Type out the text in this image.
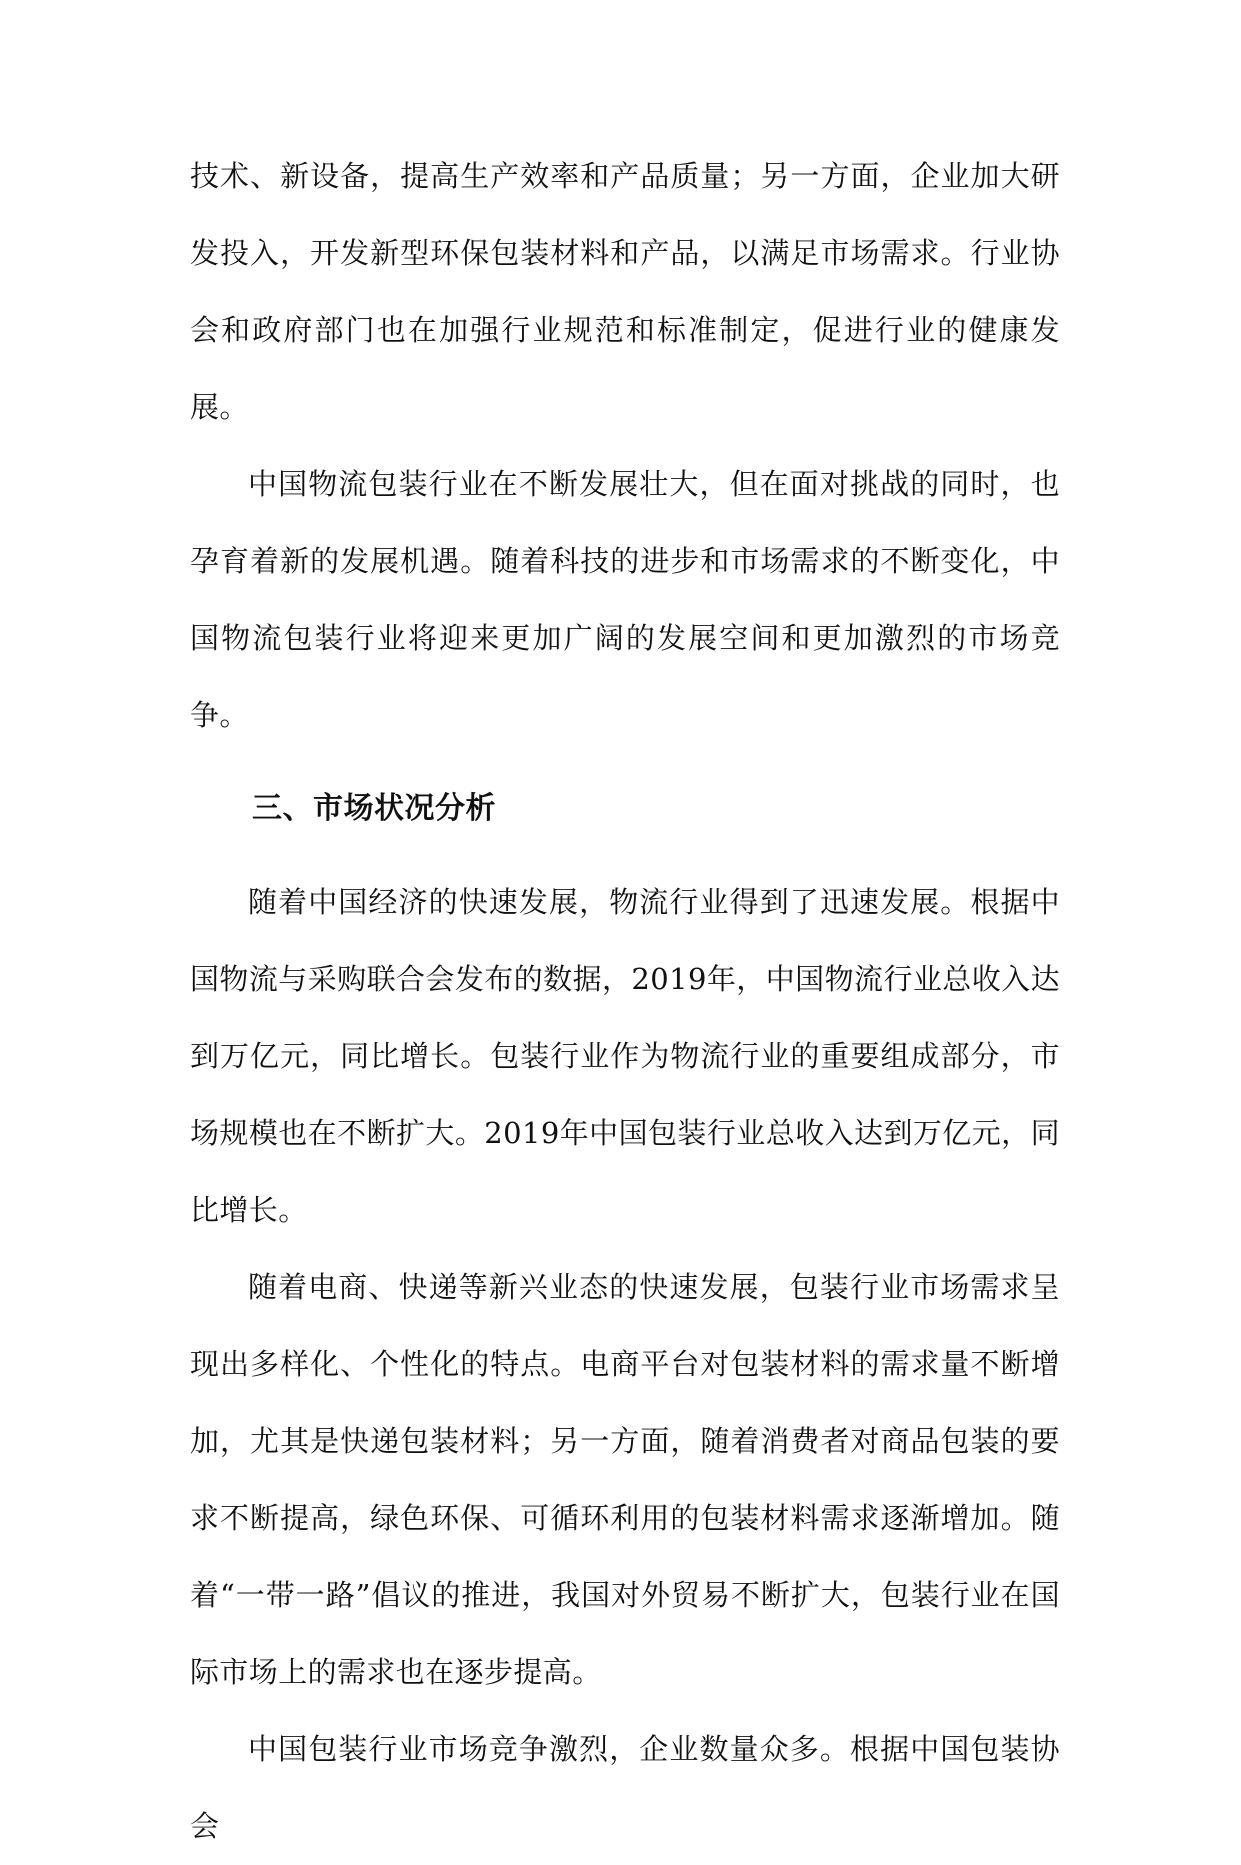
技术、新设备，提高生产效率和产品质量；另一方面，企业加大研发投入，开发新型环保包装材料和产品，以满足市场需求。行业协会和政府部门也在加强行业规范和标准制定，促进行业的健康发展。

中国物流包装行业在不断发展壮大，但在面对挑战的同时，也孕育着新的发展机遇。随着科技的进步和市场需求的不断变化，中国物流包装行业将迎来更加广阔的发展空间和更加激烈的市场竞争。

三、市场状况分析

随着中国经济的快速发展，物流行业得到了迅速发展。根据中国物流与采购联合会发布的数据，2019年，中国物流行业总收入达到万亿元，同比增长。包装行业作为物流行业的重要组成部分，市场规模也在不断扩大。2019年中国包装行业总收入达到万亿元，同比增长。

随着电商、快递等新兴业态的快速发展，包装行业市场需求呈现出多样化、个性化的特点。电商平台对包装材料的需求量不断增加，尤其是快递包装材料；另一方面，随着消费者对商品包装的要求不断提高，绿色环保、可循环利用的包装材料需求逐渐增加。随着“一带一路”倡议的推进，我国对外贸易不断扩大，包装行业在国际市场上的需求也在逐步提高。

中国包装行业市场竞争激烈，企业数量众多。根据中国包装协会
